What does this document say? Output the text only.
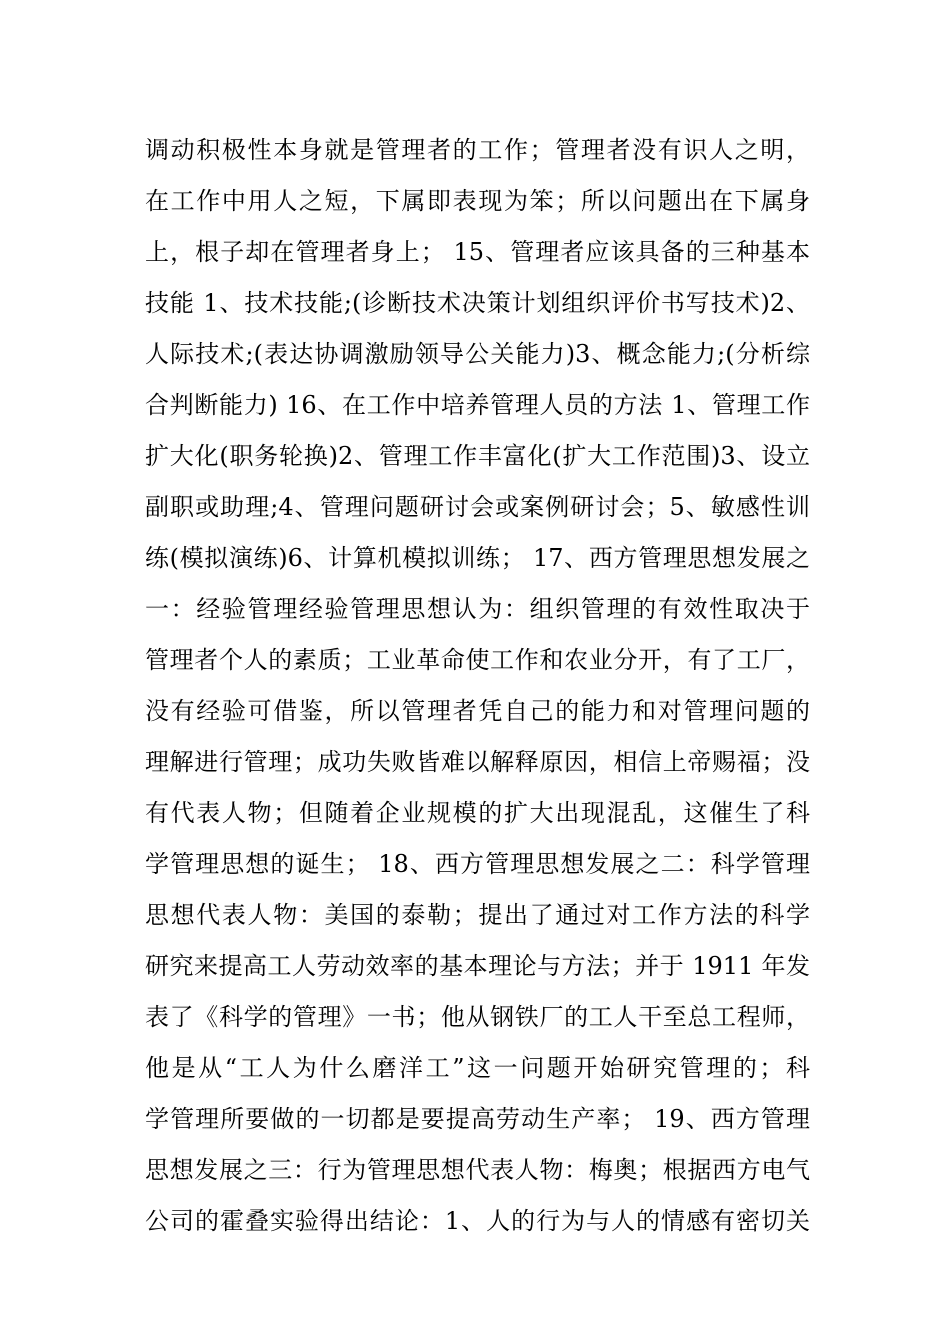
调动积极性本身就是管理者的工作；管理者没有识人之明，
在工作中用人之短，下属即表现为笨；所以问题出在下属身
上，根子却在管理者身上； 15、管理者应该具备的三种基本
技能 1、技术技能;(诊断技术决策计划组织评价书写技术)2、
人际技术;(表达协调激励领导公关能力)3、概念能力;(分析综
合判断能力) 16、在工作中培养管理人员的方法 1、管理工作
扩大化(职务轮换)2、管理工作丰富化(扩大工作范围)3、设立
副职或助理;4、管理问题研讨会或案例研讨会；5、敏感性训
练(模拟演练)6、计算机模拟训练； 17、西方管理思想发展之
一：经验管理经验管理思想认为：组织管理的有效性取决于
管理者个人的素质；工业革命使工作和农业分开，有了工厂，
没有经验可借鉴，所以管理者凭自己的能力和对管理问题的
理解进行管理；成功失败皆难以解释原因，相信上帝赐福；没
有代表人物；但随着企业规模的扩大出现混乱，这催生了科
学管理思想的诞生； 18、西方管理思想发展之二：科学管理
思想代表人物：美国的泰勒；提出了通过对工作方法的科学
研究来提高工人劳动效率的基本理论与方法；并于 1911 年发
表了《科学的管理》一书；他从钢铁厂的工人干至总工程师，
他是从“工人为什么磨洋工”这一问题开始研究管理的；科
学管理所要做的一切都是要提高劳动生产率； 19、西方管理
思想发展之三：行为管理思想代表人物：梅奥；根据西方电气
公司的霍叠实验得出结论：1、人的行为与人的情感有密切关
